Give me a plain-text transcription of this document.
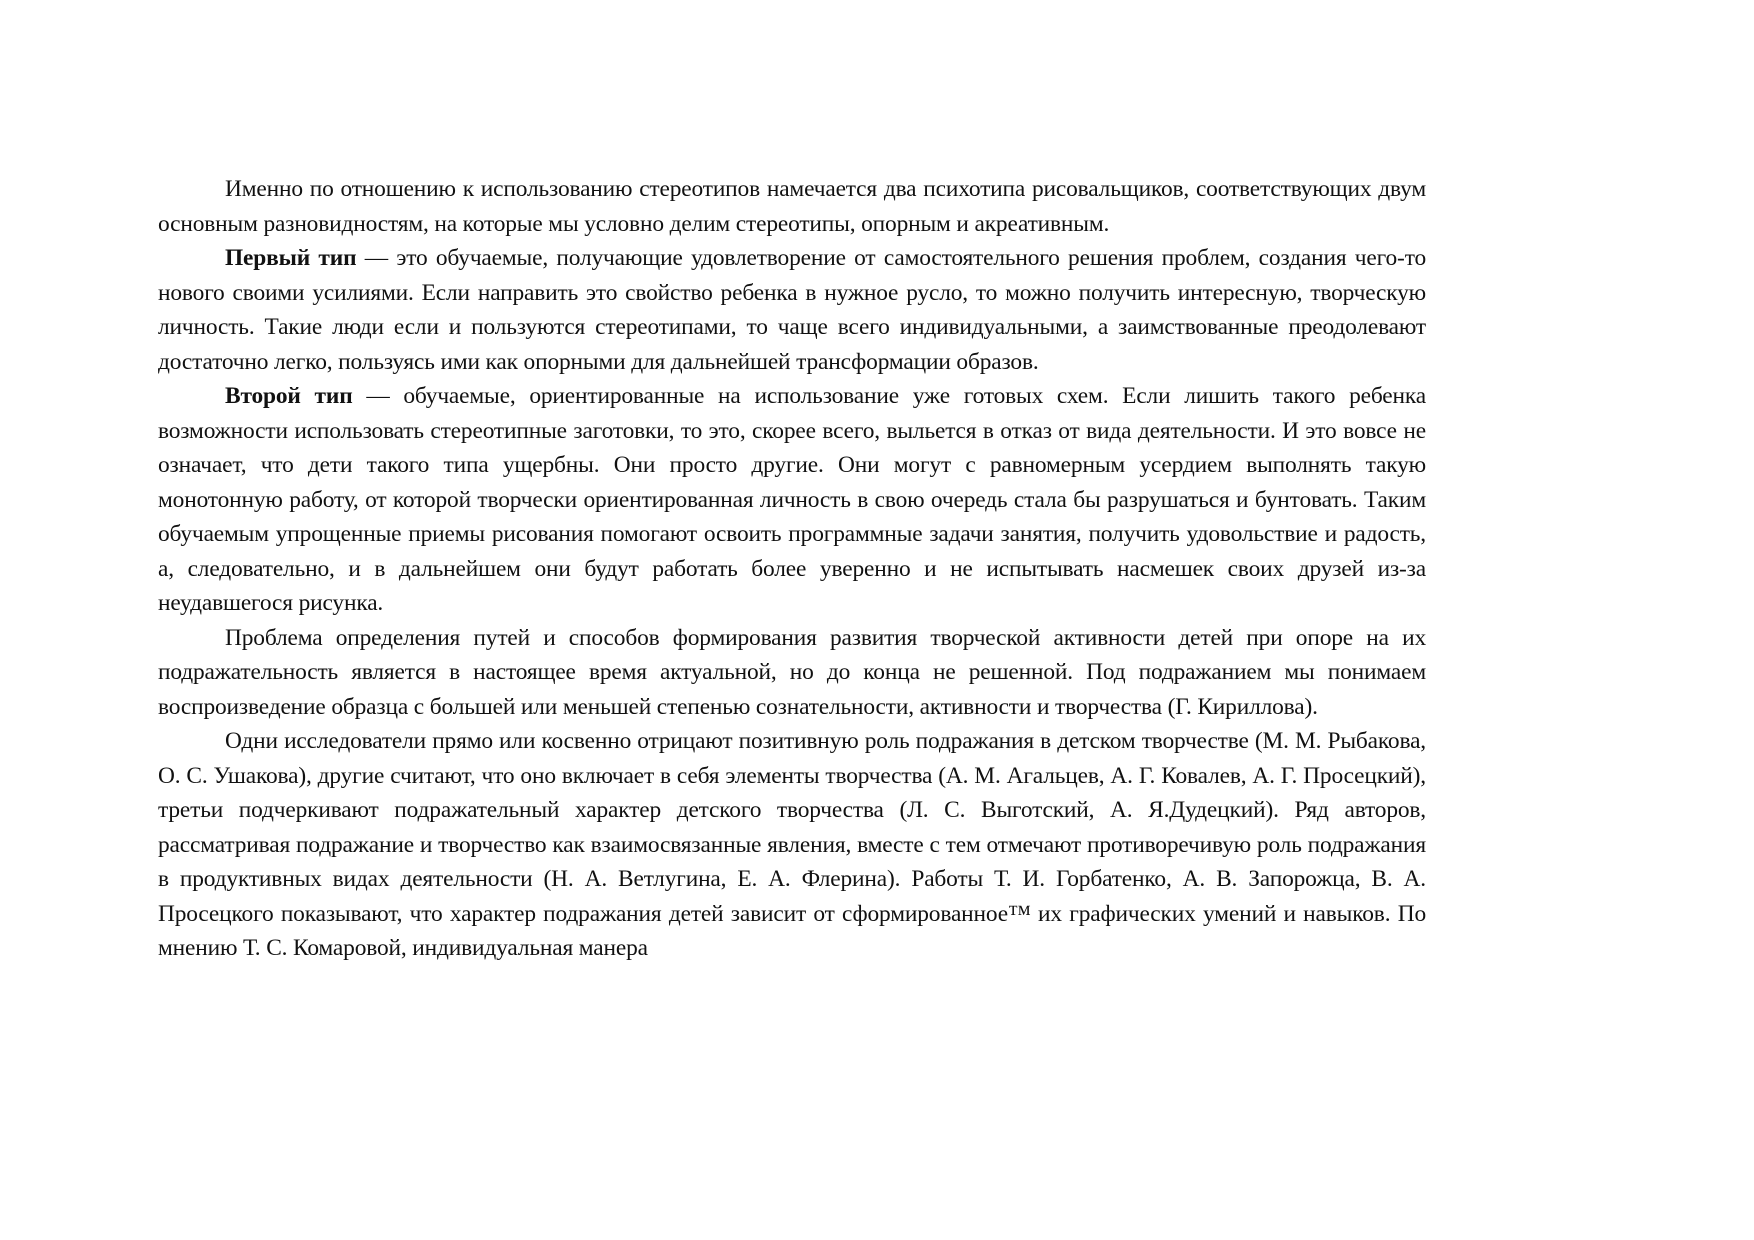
Именно по отношению к использованию стереотипов намечается два психотипа рисовальщиков, соответствующих двум основным разновидностям, на которые мы условно делим стереотипы, опорным и акреативным.

Первый тип — это обучаемые, получающие удовлетворение от самостоятельного решения проблем, создания чего-то нового своими усилиями. Если направить это свойство ребенка в нужное русло, то можно получить интересную, творческую личность. Такие люди если и пользуются стереотипами, то чаще всего индивидуальными, а заимствованные преодолевают достаточно легко, пользуясь ими как опорными для дальнейшей трансформации образов.

Второй тип — обучаемые, ориентированные на использование уже готовых схем. Если лишить такого ребенка возможности использовать стереотипные заготовки, то это, скорее всего, выльется в отказ от вида деятельности. И это вовсе не означает, что дети такого типа ущербны. Они просто другие. Они могут с равномерным усердием выполнять такую монотонную работу, от которой творчески ориентированная личность в свою очередь стала бы разрушаться и бунтовать. Таким обучаемым упрощенные приемы рисования помогают освоить программные задачи занятия, получить удовольствие и радость, а, следовательно, и в дальнейшем они будут работать более уверенно и не испытывать насмешек своих друзей из-за неудавшегося рисунка.

Проблема определения путей и способов формирования развития творческой активности детей при опоре на их подражательность является в настоящее время актуальной, но до конца не решенной. Под подражанием мы понимаем воспроизведение образца с большей или меньшей степенью сознательности, активности и творчества (Г. Кириллова).

Одни исследователи прямо или косвенно отрицают позитивную роль подражания в детском творчестве (М. М. Рыбакова, О. С. Ушакова), другие считают, что оно включает в себя элементы творчества (А. М. Агальцев, А. Г. Ковалев, А. Г. Просецкий), третьи подчеркивают подражательный характер детского творчества (Л. С. Выготский, А. Я.Дудецкий). Ряд авторов, рассматривая подражание и творчество как взаимосвязанные явления, вместе с тем отмечают противоречивую роль подражания в продуктивных видах деятельности (Н. А. Ветлугина, Е. А. Флерина). Работы Т. И. Горбатенко, А. В. Запорожца, В. А. Просецкого показывают, что характер подражания детей зависит от сформированное™ их графических умений и навыков. По мнению Т. С. Комаровой, индивидуальная манера
